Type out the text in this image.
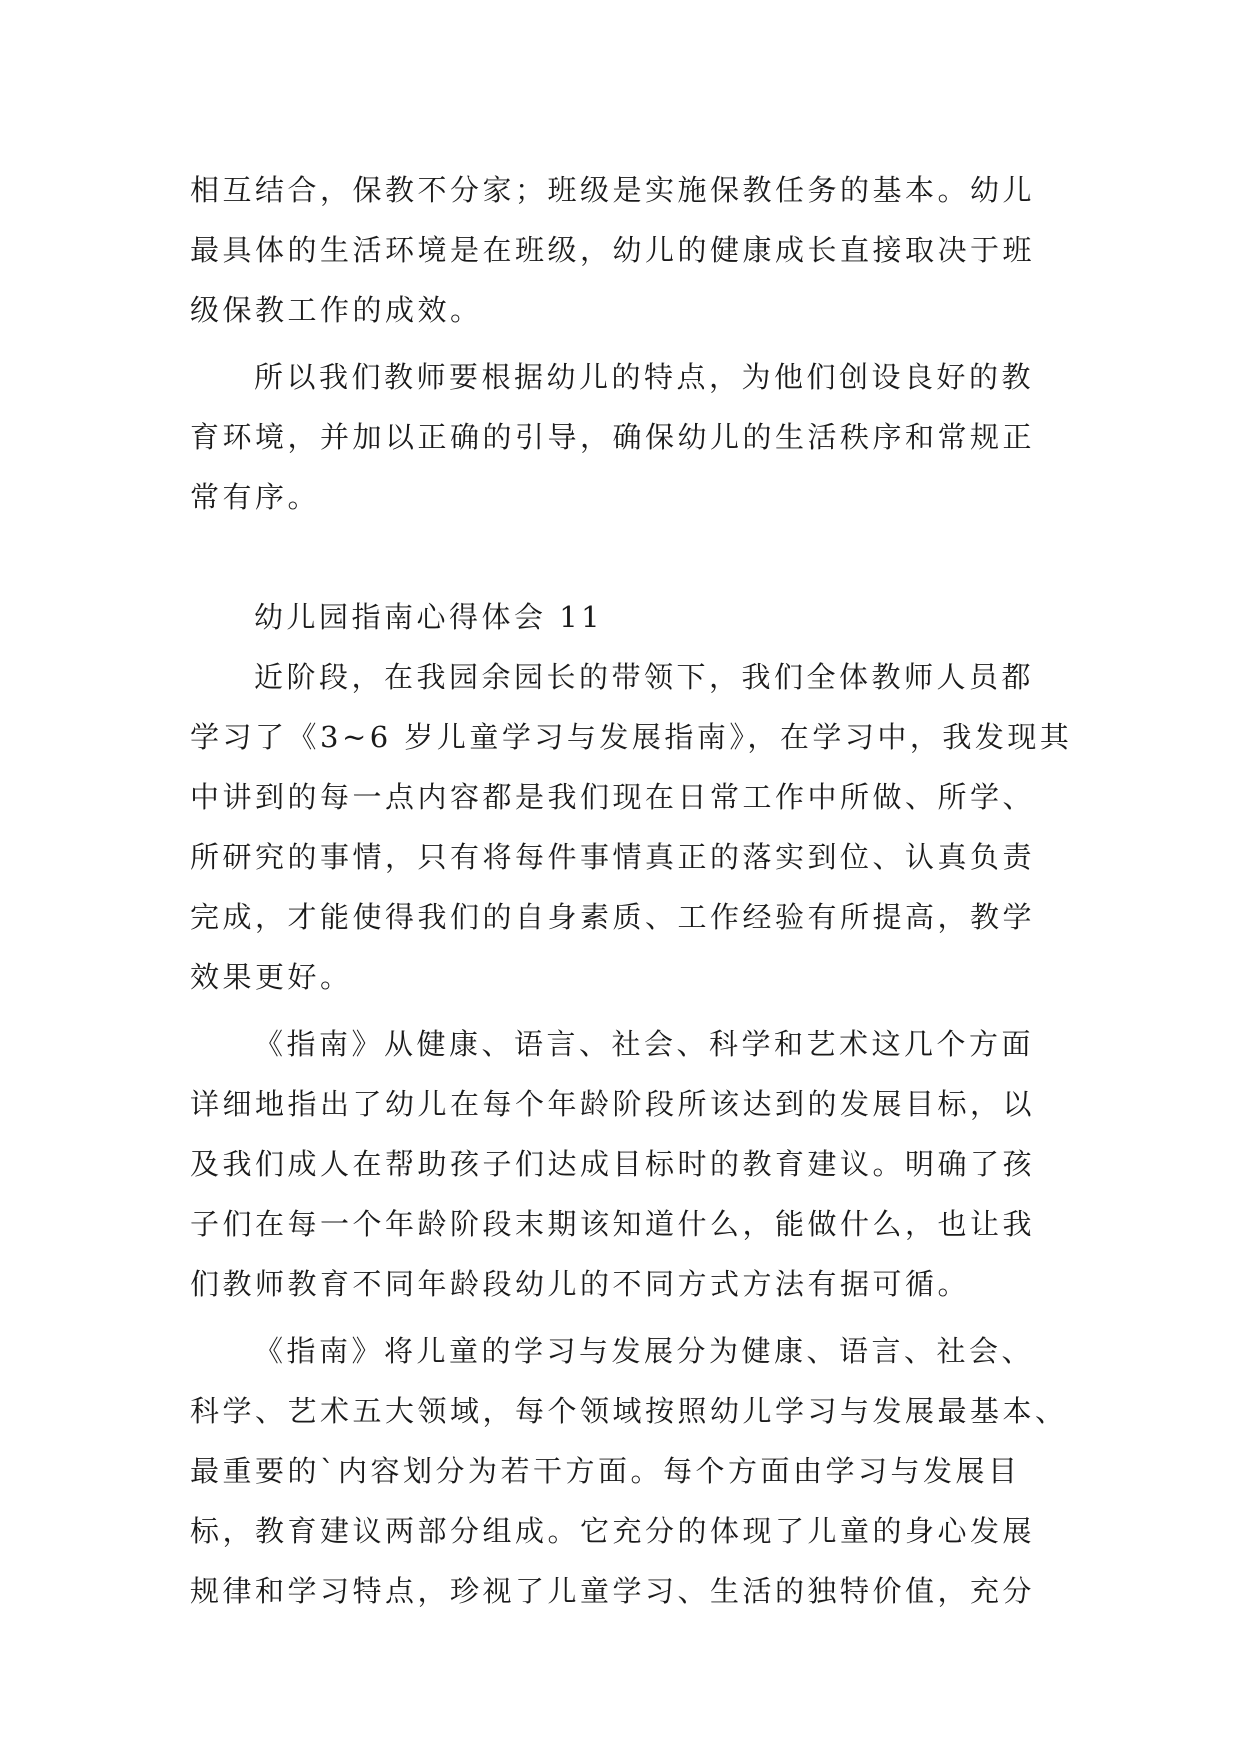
相互结合，保教不分家；班级是实施保教任务的基本。幼儿
最具体的生活环境是在班级，幼儿的健康成长直接取决于班
级保教工作的成效。
所以我们教师要根据幼儿的特点，为他们创设良好的教
育环境，并加以正确的引导，确保幼儿的生活秩序和常规正
常有序。
幼儿园指南心得体会 11
近阶段，在我园余园长的带领下，我们全体教师人员都
学习了《3~6 岁儿童学习与发展指南》，在学习中，我发现其
中讲到的每一点内容都是我们现在日常工作中所做、所学、
所研究的事情，只有将每件事情真正的落实到位、认真负责
完成，才能使得我们的自身素质、工作经验有所提高，教学
效果更好。
《指南》从健康、语言、社会、科学和艺术这几个方面
详细地指出了幼儿在每个年龄阶段所该达到的发展目标，以
及我们成人在帮助孩子们达成目标时的教育建议。明确了孩
子们在每一个年龄阶段末期该知道什么，能做什么，也让我
们教师教育不同年龄段幼儿的不同方式方法有据可循。
《指南》将儿童的学习与发展分为健康、语言、社会、
科学、艺术五大领域，每个领域按照幼儿学习与发展最基本、
最重要的`内容划分为若干方面。每个方面由学习与发展目
标，教育建议两部分组成。它充分的体现了儿童的身心发展
规律和学习特点，珍视了儿童学习、生活的独特价值，充分
